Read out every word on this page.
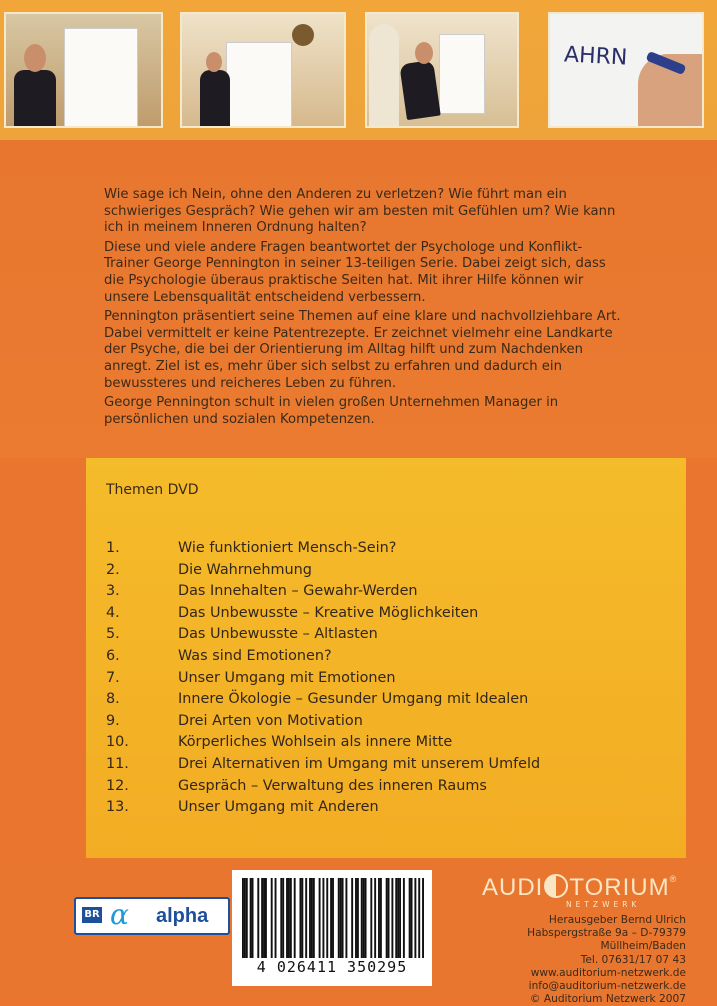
AHRN

Wie sage ich Nein, ohne den Anderen zu verletzen? Wie führt man ein schwieriges Gespräch? Wie gehen wir am besten mit Gefühlen um? Wie kann ich in meinem Inneren Ordnung halten?

Diese und viele andere Fragen beantwortet der Psychologe und Konflikt-Trainer George Pennington in seiner 13-teiligen Serie. Dabei zeigt sich, dass die Psychologie überaus praktische Seiten hat. Mit ihrer Hilfe können wir unsere Lebensqualität entscheidend verbessern.

Pennington präsentiert seine Themen auf eine klare und nachvollziehbare Art. Dabei vermittelt er keine Patentrezepte. Er zeichnet vielmehr eine Landkarte der Psyche, die bei der Orientierung im Alltag hilft und zum Nachdenken anregt. Ziel ist es, mehr über sich selbst zu erfahren und dadurch ein bewussteres und reicheres Leben zu führen.

George Pennington schult in vielen großen Unternehmen Manager in persönlichen und sozialen Kompetenzen.

Themen DVD
1.	Wie funktioniert Mensch-Sein?
2.	Die Wahrnehmung
3.	Das Innehalten – Gewahr-Werden
4.	Das Unbewusste – Kreative Möglichkeiten
5.	Das Unbewusste – Altlasten
6.	Was sind Emotionen?
7.	Unser Umgang mit Emotionen
8.	Innere Ökologie – Gesunder Umgang mit Idealen
9.	Drei Arten von Motivation
10.	Körperliches Wohlsein als innere Mitte
11.	Drei Alternativen im Umgang mit unserem Umfeld
12.	Gespräch – Verwaltung des inneren Raums
13.	Unser Umgang mit Anderen
BR α alpha
4 026411 350295
AUDI TORIUM®
NETZWERK
Herausgeber Bernd Ulrich
Habspergstraße 9a – D-79379 Müllheim/Baden
Tel. 07631/17 07 43
www.auditorium-netzwerk.de
info@auditorium-netzwerk.de
© Auditorium Netzwerk 2007
